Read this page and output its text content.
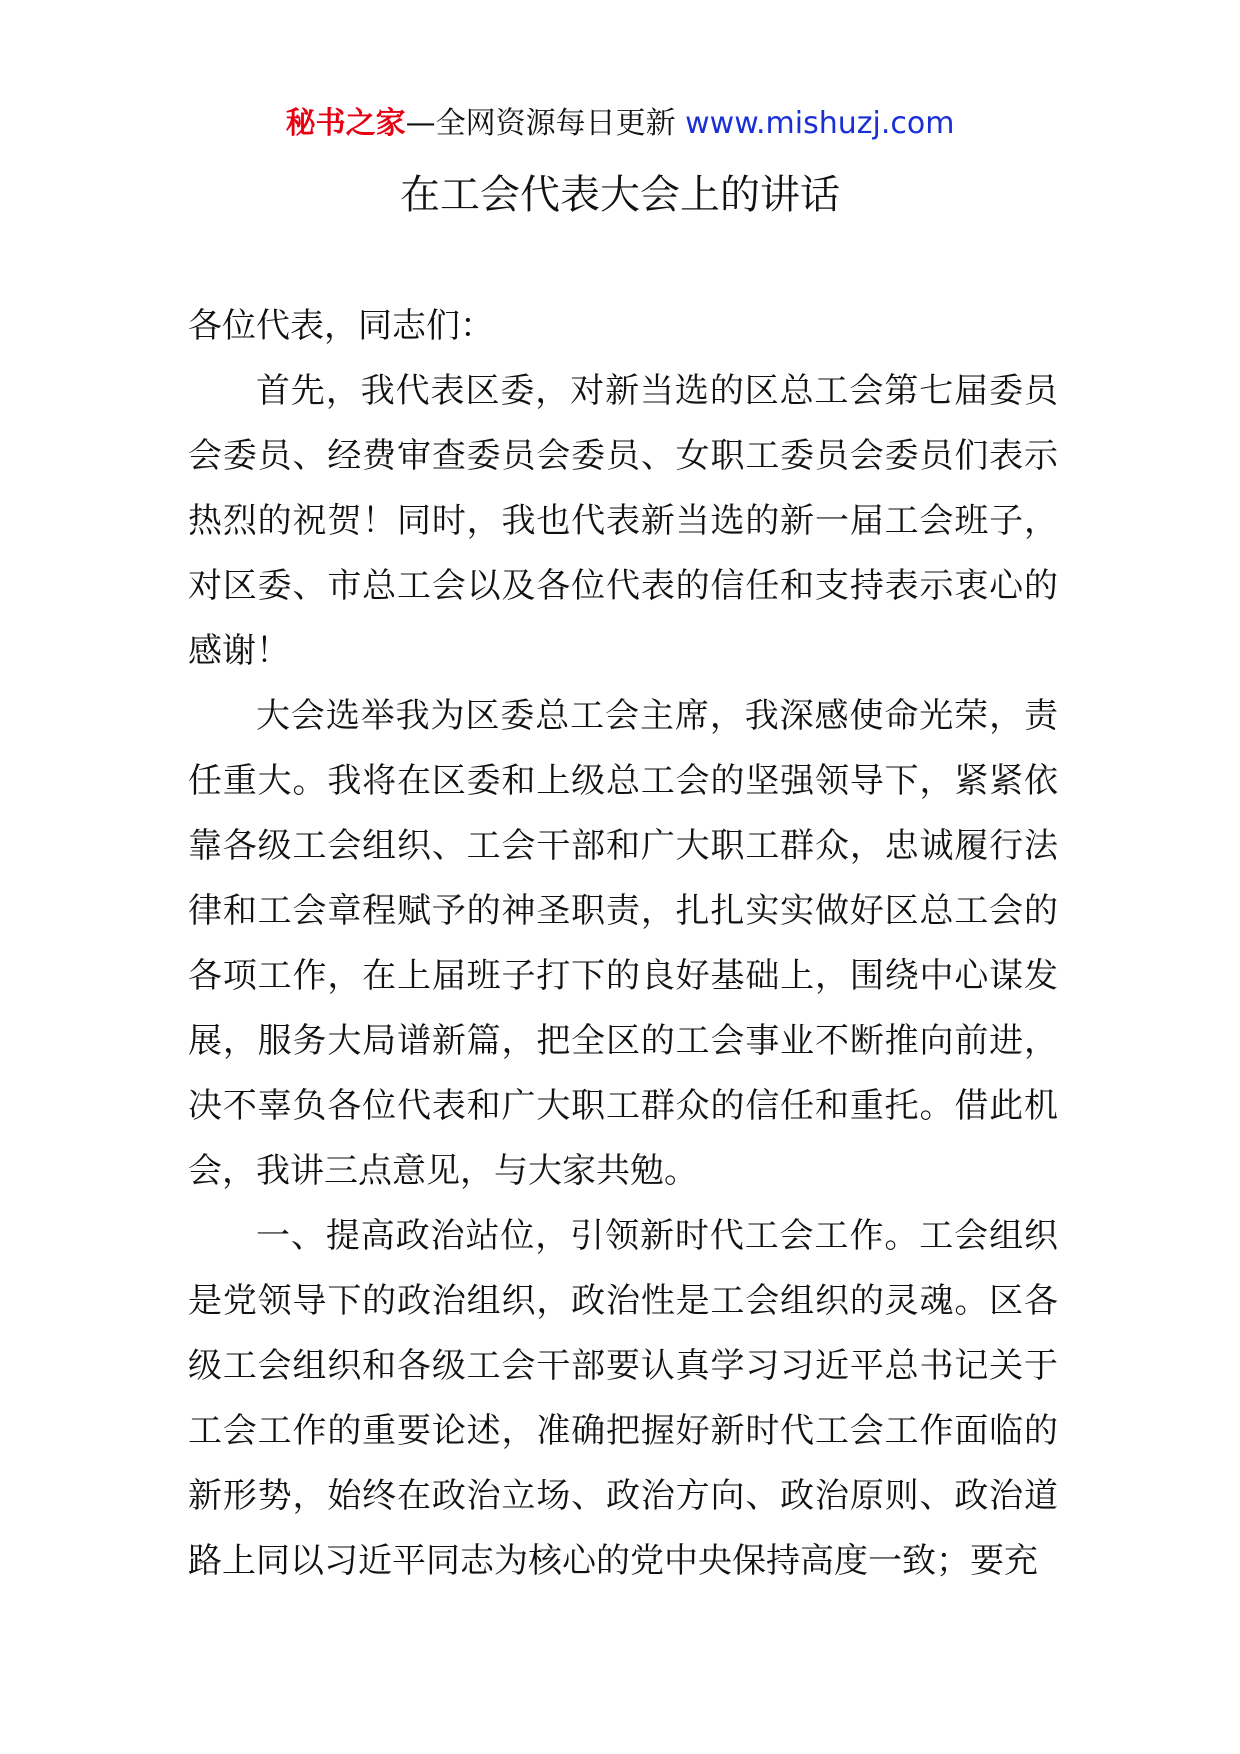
秘书之家—全网资源每日更新 www.mishuzj.com
在工会代表大会上的讲话

各位代表，同志们：

首先，我代表区委，对新当选的区总工会第七届委员会委员、经费审查委员会委员、女职工委员会委员们表示热烈的祝贺！同时，我也代表新当选的新一届工会班子，对区委、市总工会以及各位代表的信任和支持表示衷心的感谢！

大会选举我为区委总工会主席，我深感使命光荣，责任重大。我将在区委和上级总工会的坚强领导下，紧紧依靠各级工会组织、工会干部和广大职工群众，忠诚履行法律和工会章程赋予的神圣职责，扎扎实实做好区总工会的各项工作，在上届班子打下的良好基础上，围绕中心谋发展，服务大局谱新篇，把全区的工会事业不断推向前进，决不辜负各位代表和广大职工群众的信任和重托。借此机会，我讲三点意见，与大家共勉。

一、提高政治站位，引领新时代工会工作。工会组织是党领导下的政治组织，政治性是工会组织的灵魂。区各级工会组织和各级工会干部要认真学习习近平总书记关于工会工作的重要论述，准确把握好新时代工会工作面临的新形势，始终在政治立场、政治方向、政治原则、政治道路上同以习近平同志为核心的党中央保持高度一致；要充
